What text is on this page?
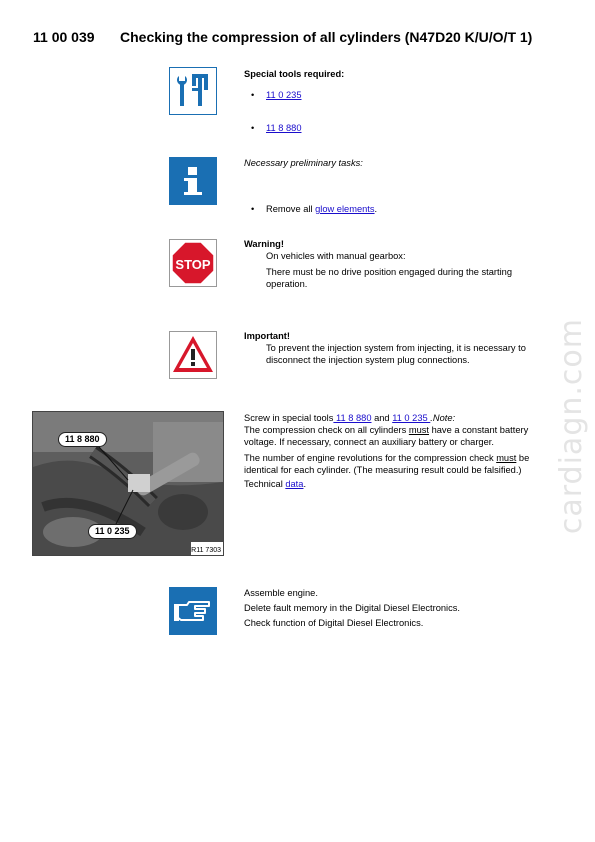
11 00 039 Checking the compression of all cylinders (N47D20 K/U/O/T 1)
cardiagn.com
Special tools required:
• 11 0 235
• 11 8 880
Necessary preliminary tasks:
• Remove all glow elements.
STOP
Warning!
On vehicles with manual gearbox:
There must be no drive position engaged during the starting operation.
Important!
To prevent the injection system from injecting, it is necessary to disconnect the injection system plug connections.
11 8 880
11 0 235
R11 7303
Screw in special tools 11 8 880 and 11 0 235 .Note:
The compression check on all cylinders must have a constant battery voltage. If necessary, connect an auxiliary battery or charger.
The number of engine revolutions for the compression check must be identical for each cylinder. (The measuring result could be falsified.)
Technical data.
Assemble engine.
Delete fault memory in the Digital Diesel Electronics.
Check function of Digital Diesel Electronics.
